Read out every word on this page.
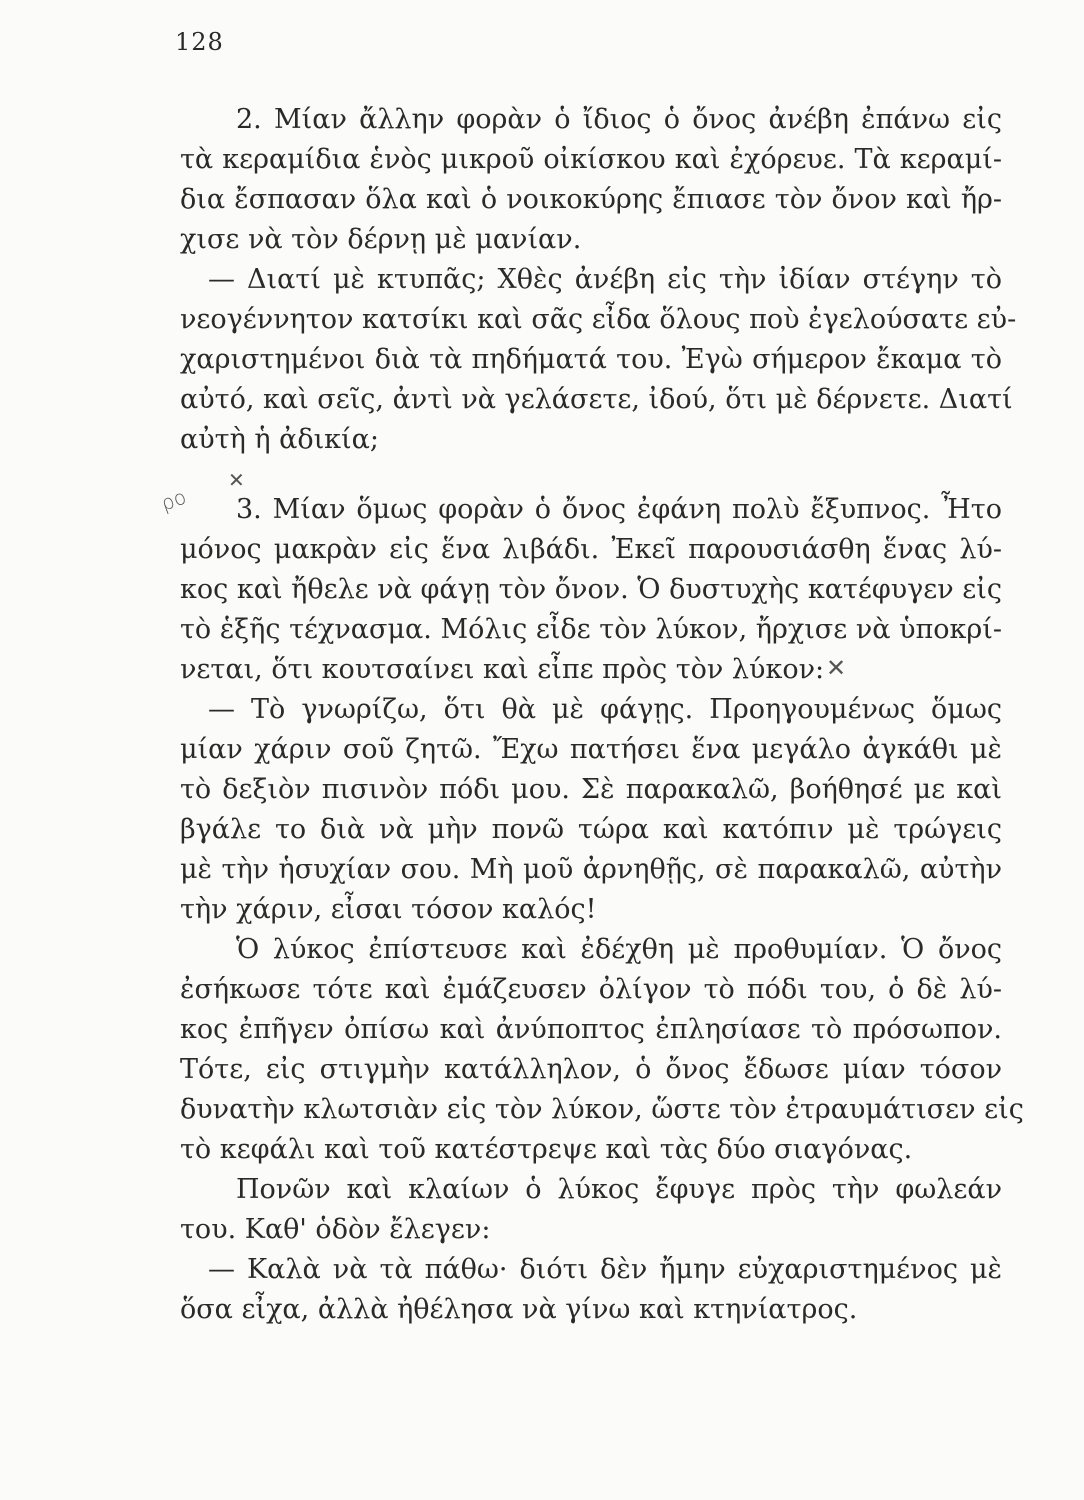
128
2. Μίαν ἄλλην φορὰν ὁ ἴδιος ὁ ὄνος ἀνέβη ἐπάνω εἰς
τὰ κεραμίδια ἑνὸς μικροῦ οἰκίσκου καὶ ἐχόρευε. Τὰ κεραμί-
δια ἔσπασαν ὅλα καὶ ὁ νοικοκύρης ἔπιασε τὸν ὄνον καὶ ἤρ-
χισε νὰ τὸν δέρνῃ μὲ μανίαν.
— Διατί μὲ κτυπᾶς; Χθὲς ἀνέβη εἰς τὴν ἰδίαν στέγην τὸ
νεογέννητον κατσίκι καὶ σᾶς εἶδα ὅλους ποὺ ἐγελούσατε εὐ-
χαριστημένοι διὰ τὰ πηδήματά του. Ἐγὼ σήμερον ἔκαμα τὸ
αὐτό, καὶ σεῖς, ἀντὶ νὰ γελάσετε, ἰδού, ὅτι μὲ δέρνετε. Διατί
αὐτὴ ἡ ἀδικία;
3. Μίαν ὅμως φορὰν ὁ ὄνος ἐφάνη πολὺ ἔξυπνος. Ἦτο
μόνος μακρὰν εἰς ἕνα λιβάδι. Ἐκεῖ παρουσιάσθη ἕνας λύ-
κος καὶ ἤθελε νὰ φάγῃ τὸν ὄνον. Ὁ δυστυχὴς κατέφυγεν εἰς
τὸ ἑξῆς τέχνασμα. Μόλις εἶδε τὸν λύκον, ἤρχισε νὰ ὑποκρί-
νεται, ὅτι κουτσαίνει καὶ εἶπε πρὸς τὸν λύκον:
— Τὸ γνωρίζω, ὅτι θὰ μὲ φάγῃς. Προηγουμένως ὅμως
μίαν χάριν σοῦ ζητῶ. Ἔχω πατήσει ἕνα μεγάλο ἀγκάθι μὲ
τὸ δεξιὸν πισινὸν πόδι μου. Σὲ παρακαλῶ, βοήθησέ με καὶ
βγάλε το διὰ νὰ μὴν πονῶ τώρα καὶ κατόπιν μὲ τρώγεις
μὲ τὴν ἡσυχίαν σου. Μὴ μοῦ ἀρνηθῇς, σὲ παρακαλῶ, αὐτὴν
τὴν χάριν, εἶσαι τόσον καλός!
Ὁ λύκος ἐπίστευσε καὶ ἐδέχθη μὲ προθυμίαν. Ὁ ὄνος
ἐσήκωσε τότε καὶ ἐμάζευσεν ὀλίγον τὸ πόδι του, ὁ δὲ λύ-
κος ἐπῆγεν ὀπίσω καὶ ἀνύποπτος ἐπλησίασε τὸ πρόσωπον.
Τότε, εἰς στιγμὴν κατάλληλον, ὁ ὄνος ἔδωσε μίαν τόσον
δυνατὴν κλωτσιὰν εἰς τὸν λύκον, ὥστε τὸν ἐτραυμάτισεν εἰς
τὸ κεφάλι καὶ τοῦ κατέστρεψε καὶ τὰς δύο σιαγόνας.
Πονῶν καὶ κλαίων ὁ λύκος ἔφυγε πρὸς τὴν φωλεάν
του. Καθ' ὁδὸν ἔλεγεν:
— Καλὰ νὰ τὰ πάθω· διότι δὲν ἤμην εὐχαριστημένος μὲ
ὅσα εἶχα, ἀλλὰ ἠθέλησα νὰ γίνω καὶ κτηνίατρος.
ρο
✕
✕
